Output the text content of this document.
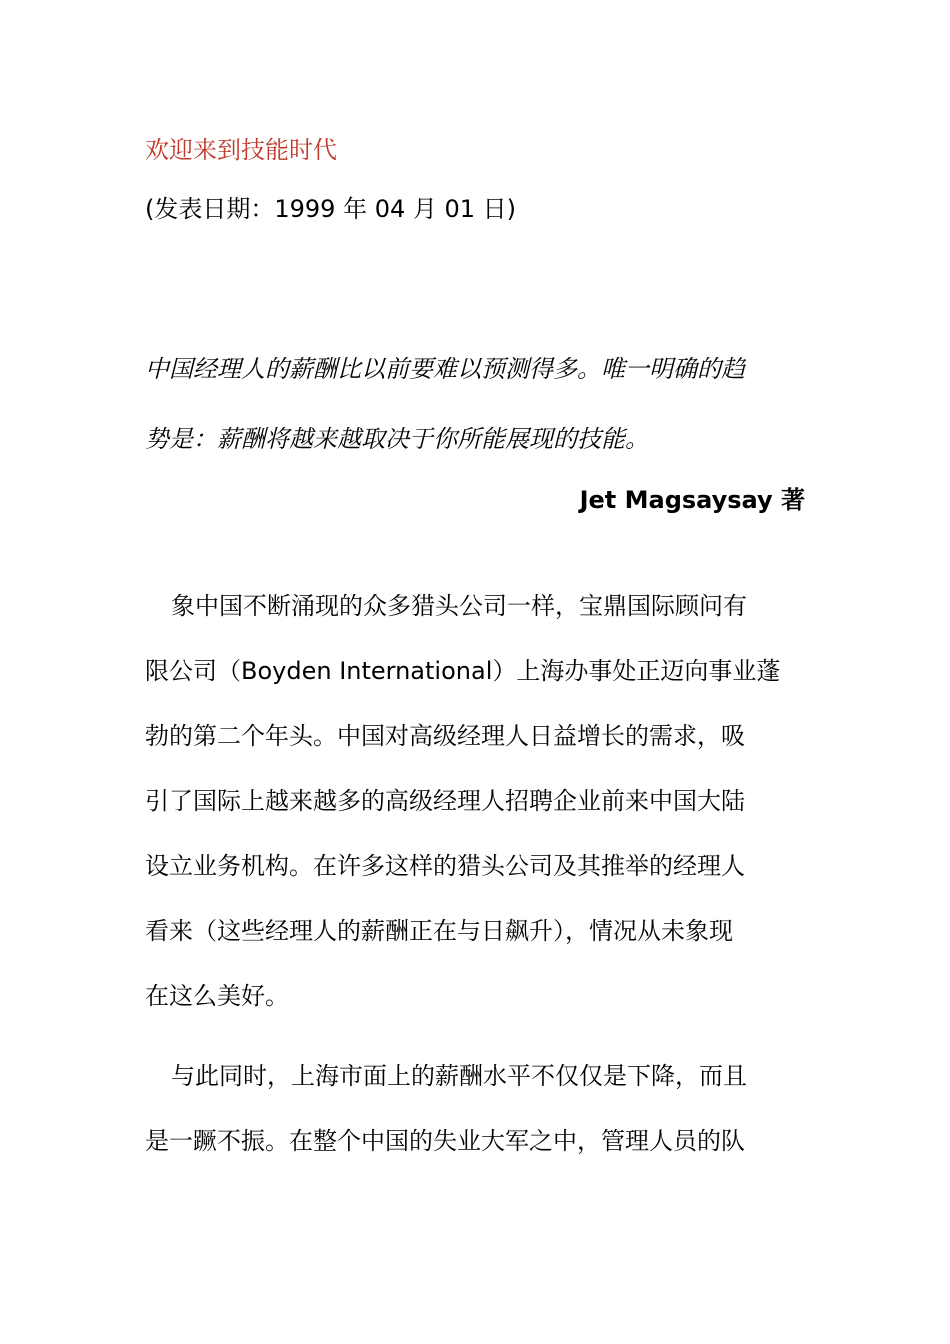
欢迎来到技能时代
(发表日期：1999 年 04 月 01 日)
中国经理人的薪酬比以前要难以预测得多。唯一明确的趋
势是：薪酬将越来越取决于你所能展现的技能。
Jet Magsaysay 著
象中国不断涌现的众多猎头公司一样，宝鼎国际顾问有
限公司（Boyden International）上海办事处正迈向事业蓬
勃的第二个年头。中国对高级经理人日益增长的需求，吸
引了国际上越来越多的高级经理人招聘企业前来中国大陆
设立业务机构。在许多这样的猎头公司及其推举的经理人
看来（这些经理人的薪酬正在与日飙升），情况从未象现
在这么美好。
与此同时，上海市面上的薪酬水平不仅仅是下降，而且
是一蹶不振。在整个中国的失业大军之中，管理人员的队
